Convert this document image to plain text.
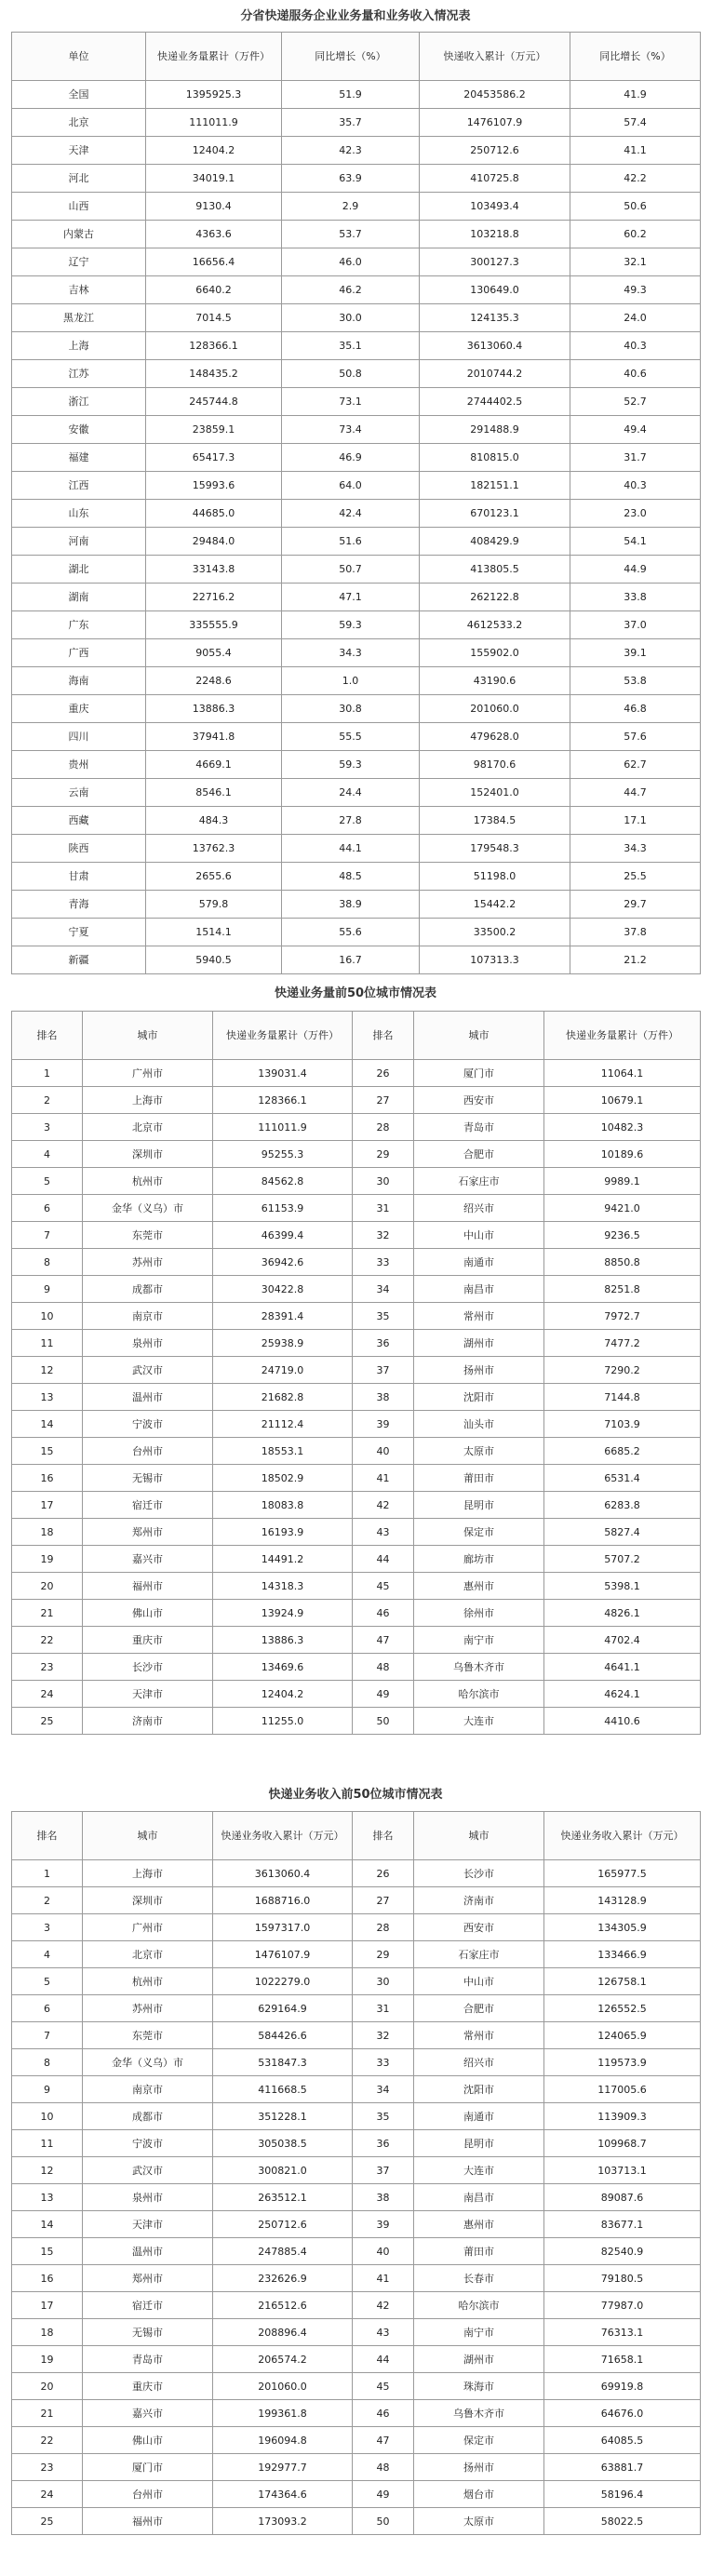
分省快递服务企业业务量和业务收入情况表
单位	快递业务量累计（万件）	同比增长（%）	快递收入累计（万元）	同比增长（%）
全国	1395925.3	51.9	20453586.2	41.9
北京	111011.9	35.7	1476107.9	57.4
天津	12404.2	42.3	250712.6	41.1
河北	34019.1	63.9	410725.8	42.2
山西	9130.4	2.9	103493.4	50.6
内蒙古	4363.6	53.7	103218.8	60.2
辽宁	16656.4	46.0	300127.3	32.1
吉林	6640.2	46.2	130649.0	49.3
黑龙江	7014.5	30.0	124135.3	24.0
上海	128366.1	35.1	3613060.4	40.3
江苏	148435.2	50.8	2010744.2	40.6
浙江	245744.8	73.1	2744402.5	52.7
安徽	23859.1	73.4	291488.9	49.4
福建	65417.3	46.9	810815.0	31.7
江西	15993.6	64.0	182151.1	40.3
山东	44685.0	42.4	670123.1	23.0
河南	29484.0	51.6	408429.9	54.1
湖北	33143.8	50.7	413805.5	44.9
湖南	22716.2	47.1	262122.8	33.8
广东	335555.9	59.3	4612533.2	37.0
广西	9055.4	34.3	155902.0	39.1
海南	2248.6	1.0	43190.6	53.8
重庆	13886.3	30.8	201060.0	46.8
四川	37941.8	55.5	479628.0	57.6
贵州	4669.1	59.3	98170.6	62.7
云南	8546.1	24.4	152401.0	44.7
西藏	484.3	27.8	17384.5	17.1
陕西	13762.3	44.1	179548.3	34.3
甘肃	2655.6	48.5	51198.0	25.5
青海	579.8	38.9	15442.2	29.7
宁夏	1514.1	55.6	33500.2	37.8
新疆	5940.5	16.7	107313.3	21.2
快递业务量前50位城市情况表
排名	城市	快递业务量累计（万件）	排名	城市	快递业务量累计（万件）
1	广州市	139031.4	26	厦门市	11064.1
2	上海市	128366.1	27	西安市	10679.1
3	北京市	111011.9	28	青岛市	10482.3
4	深圳市	95255.3	29	合肥市	10189.6
5	杭州市	84562.8	30	石家庄市	9989.1
6	金华（义乌）市	61153.9	31	绍兴市	9421.0
7	东莞市	46399.4	32	中山市	9236.5
8	苏州市	36942.6	33	南通市	8850.8
9	成都市	30422.8	34	南昌市	8251.8
10	南京市	28391.4	35	常州市	7972.7
11	泉州市	25938.9	36	湖州市	7477.2
12	武汉市	24719.0	37	扬州市	7290.2
13	温州市	21682.8	38	沈阳市	7144.8
14	宁波市	21112.4	39	汕头市	7103.9
15	台州市	18553.1	40	太原市	6685.2
16	无锡市	18502.9	41	莆田市	6531.4
17	宿迁市	18083.8	42	昆明市	6283.8
18	郑州市	16193.9	43	保定市	5827.4
19	嘉兴市	14491.2	44	廊坊市	5707.2
20	福州市	14318.3	45	惠州市	5398.1
21	佛山市	13924.9	46	徐州市	4826.1
22	重庆市	13886.3	47	南宁市	4702.4
23	长沙市	13469.6	48	乌鲁木齐市	4641.1
24	天津市	12404.2	49	哈尔滨市	4624.1
25	济南市	11255.0	50	大连市	4410.6
快递业务收入前50位城市情况表
排名	城市	快递业务收入累计（万元）	排名	城市	快递业务收入累计（万元）
1	上海市	3613060.4	26	长沙市	165977.5
2	深圳市	1688716.0	27	济南市	143128.9
3	广州市	1597317.0	28	西安市	134305.9
4	北京市	1476107.9	29	石家庄市	133466.9
5	杭州市	1022279.0	30	中山市	126758.1
6	苏州市	629164.9	31	合肥市	126552.5
7	东莞市	584426.6	32	常州市	124065.9
8	金华（义乌）市	531847.3	33	绍兴市	119573.9
9	南京市	411668.5	34	沈阳市	117005.6
10	成都市	351228.1	35	南通市	113909.3
11	宁波市	305038.5	36	昆明市	109968.7
12	武汉市	300821.0	37	大连市	103713.1
13	泉州市	263512.1	38	南昌市	89087.6
14	天津市	250712.6	39	惠州市	83677.1
15	温州市	247885.4	40	莆田市	82540.9
16	郑州市	232626.9	41	长春市	79180.5
17	宿迁市	216512.6	42	哈尔滨市	77987.0
18	无锡市	208896.4	43	南宁市	76313.1
19	青岛市	206574.2	44	湖州市	71658.1
20	重庆市	201060.0	45	珠海市	69919.8
21	嘉兴市	199361.8	46	乌鲁木齐市	64676.0
22	佛山市	196094.8	47	保定市	64085.5
23	厦门市	192977.7	48	扬州市	63881.7
24	台州市	174364.6	49	烟台市	58196.4
25	福州市	173093.2	50	太原市	58022.5
